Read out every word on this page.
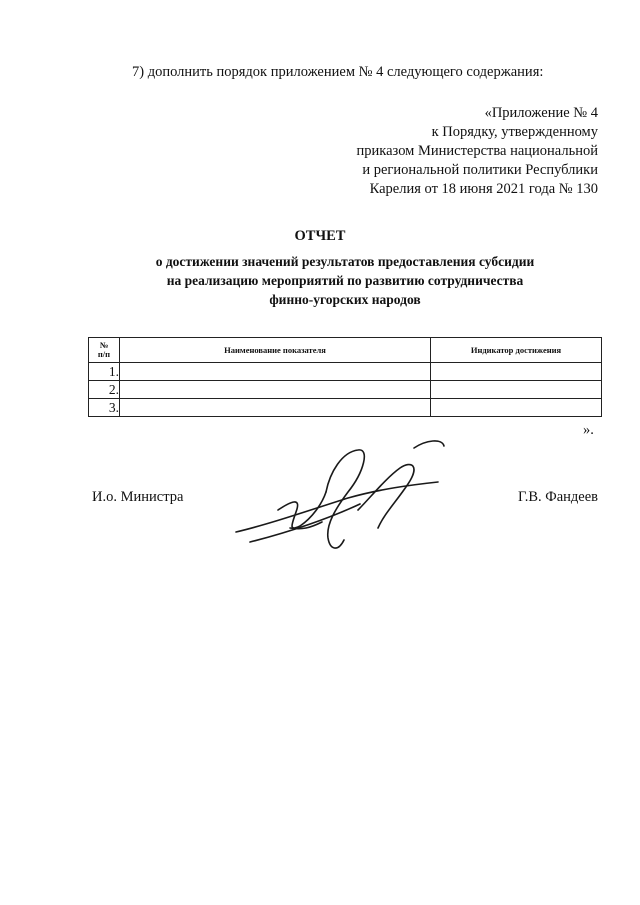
7) дополнить порядок приложением № 4 следующего содержания:
«Приложение № 4
к Порядку, утвержденному
приказом Министерства национальной
и региональной политики Республики
Карелия от 18 июня 2021 года № 130
ОТЧЕТ
о достижении значений результатов предоставления субсидии
на реализацию мероприятий по развитию сотрудничества
финно-угорских народов
№
п/п	Наименование показателя	Индикатор достижения
1.		
2.		
3.		
».
И.о. Министра	Г.В. Фандеев
